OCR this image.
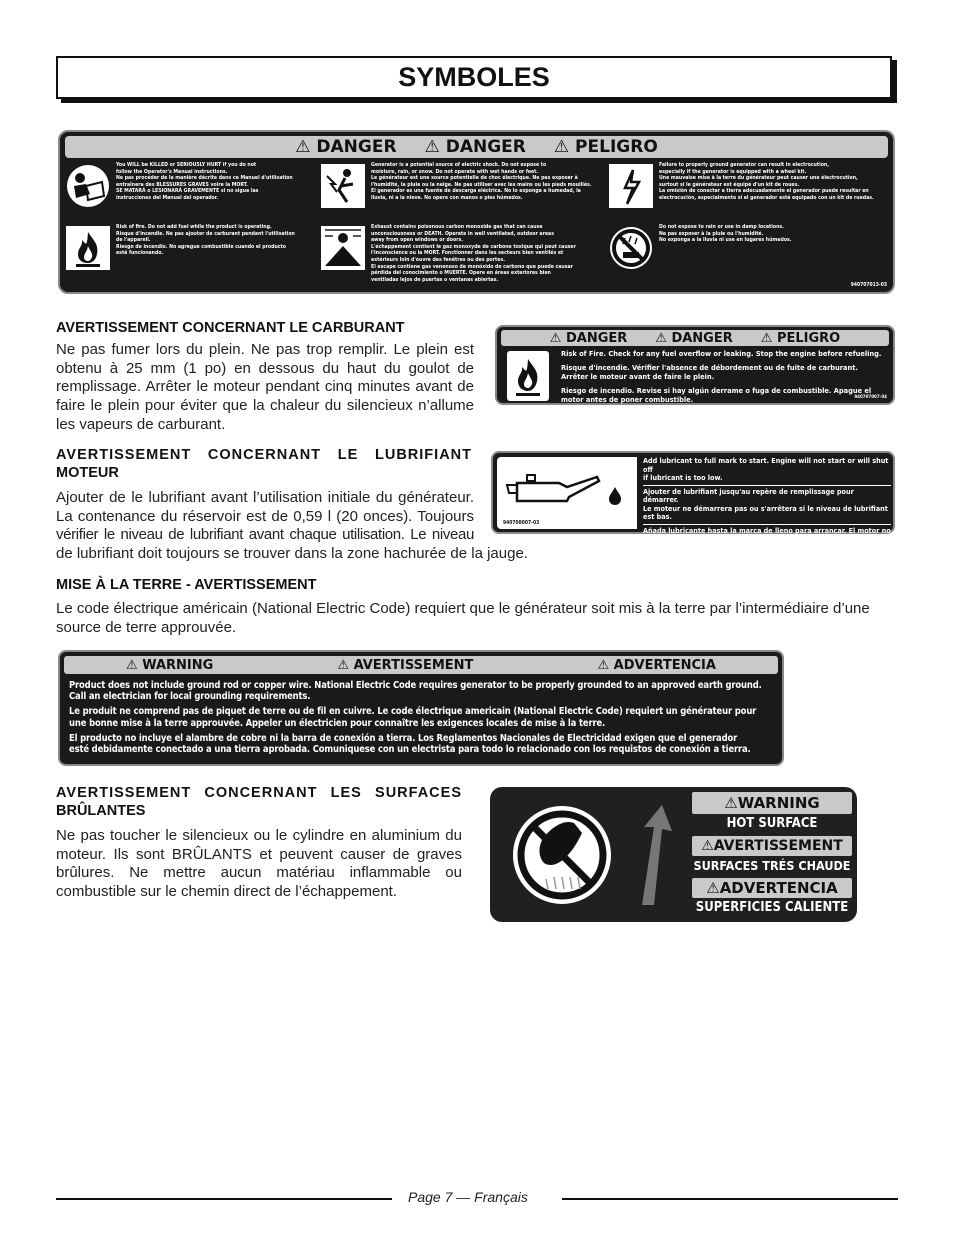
SYMBOLES
⚠ DANGER ⚠ DANGER ⚠ PELIGRO
You WILL be KILLED or SERIOUSLY HURT if you do not
follow the Operator's Manual instructions.
Ne pas procéder de la manière décrite dans ce Manuel d'utilisation
entraînera des BLESSURES GRAVES voire la MORT.
SE MATARÁ o LESIONARÁ GRAVEMENTE si no sigue las
instrucciones del Manual del operador.
Generator is a potential source of electric shock. Do not expose to
moisture, rain, or snow. Do not operate with wet hands or feet.
Le générateur est une source potentielle de choc électrique. Ne pas exposer à
l'humidité, la pluie ou la neige. Ne pas utiliser avec les mains ou les pieds mouillés.
El generador es una fuente de descarga eléctrica. No lo exponga a humedad, la
lluvia, ni a la nieve. No opere con manos o pies húmedos.
Failure to properly ground generator can result in electrocution,
especially if the generator is equipped with a wheel kit.
Une mauvaise mise à la terre du générateur peut causer une électrocution,
surtout si le générateur est équipé d'un kit de roues.
La omisión de conectar a tierra adecuadamente el generador puede resultar en
electrocución, especialmente si el generador está equipado con un kit de ruedas.
Risk of fire. Do not add fuel while the product is operating.
Risque d'incendie. Ne pas ajouter de carburant pendant l'utilisation
de l'appareil.
Riesgo de incendio. No agregue combustible cuando el producto
está funcionando.
Exhaust contains poisonous carbon monoxide gas that can cause
unconsciousness or DEATH. Operate in well ventilated, outdoor areas
away from open windows or doors.
L'échappement contient le gaz monoxyde de carbone toxique qui peut causer
l'inconscience ou la MORT. Fonctionner dans les secteurs bien ventilés et
extérieurs loin d'ouvre des fenêtres ou des portes.
El escape contiene gas venenoso de monóxido de carbono que puede causar
pérdida del conocimiento o MUERTE. Opere en áreas exteriores bien
ventiladas lejos de puertas o ventanas abiertas.
Do not expose to rain or use in damp locations.
Ne pas exposer à la pluie ou l'humidité.
No exponga a la lluvia ni use en lugares húmedos.
940707013-03
AVERTISSEMENT CONCERNANT LE CARBURANT
Ne pas fumer lors du plein. Ne pas trop remplir. Le plein est
obtenu à 25 mm (1 po) en dessous du haut du goulot de
remplissage. Arrêter le moteur pendant cinq minutes avant de
faire le plein pour éviter que la chaleur du silencieux n’allume
les vapeurs de carburant.
⚠ DANGER ⚠ DANGER ⚠ PELIGRO
Risk of Fire. Check for any fuel overflow or leaking. Stop the engine before refueling.
Risque d'incendie. Vérifier l'absence de débordement ou de fuite de carburant.
Arrêter le moteur avant de faire le plein.
Riesgo de incendio. Revise si hay algún derrame o fuga de combustible. Apague el
motor antes de poner combustible.	940707007-04
AVERTISSEMENT CONCERNANT LE LUBRIFIANT
MOTEUR
Ajouter de le lubrifiant avant l’utilisation initiale du générateur.
La contenance du réservoir est de 0,59 l (20 onces). Toujours
vérifier le niveau de lubrifiant avant chaque utilisation. Le niveau
de lubrifiant doit toujours se trouver dans la zone hachurée de la jauge.
940708007-03
Add lubricant to full mark to start. Engine will not start or will shut off
if lubricant is too low.
Ajouter de lubrifiant jusqu'au repère de remplissage pour démarrer.
Le moteur ne démarrera pas ou s'arrêtera si le niveau de lubrifiant
est bas.
Añada lubricante hasta la marca de lleno para arrancar. El motor no
arrancará o se apagará si el nivel de lubricante está demasiado bajo.
MISE À LA TERRE - AVERTISSEMENT
Le code électrique américain (National Electric Code) requiert que le générateur soit mis à la terre par l’intermédiaire d’une
source de terre approuvée.
⚠ WARNING	⚠ AVERTISSEMENT	⚠ ADVERTENCIA
Product does not include ground rod or copper wire. National Electric Code requires generator to be properly grounded to an approved earth ground.
Call an electrician for local grounding requirements.
Le produit ne comprend pas de piquet de terre ou de fil en cuivre. Le code électrique americain (National Electric Code) requiert un générateur pour
une bonne mise à la terre approuvée. Appeler un électricien pour connaître les exigences locales de mise à la terre.
El producto no incluye el alambre de cobre ni la barra de conexión a tierra. Los Reglamentos Nacionales de Electricidad exigen que el generador
esté debidamente conectado a una tierra aprobada. Comuniquese con un electrista para todo lo relacionado con los requistos de conexión a tierra.
AVERTISSEMENT CONCERNANT LES SURFACES
BRÛLANTES
Ne pas toucher le silencieux ou le cylindre en aluminium du
moteur. Ils sont BRÛLANTS et peuvent causer de graves
brûlures. Ne mettre aucun matériau inflammable ou
combustible sur le chemin direct de l’échappement.
⚠ WARNING
HOT SURFACE
⚠ AVERTISSEMENT
SURFACES TRÉS CHAUDE
⚠ ADVERTENCIA
SUPERFICIES CALIENTE
Page 7 — Français
